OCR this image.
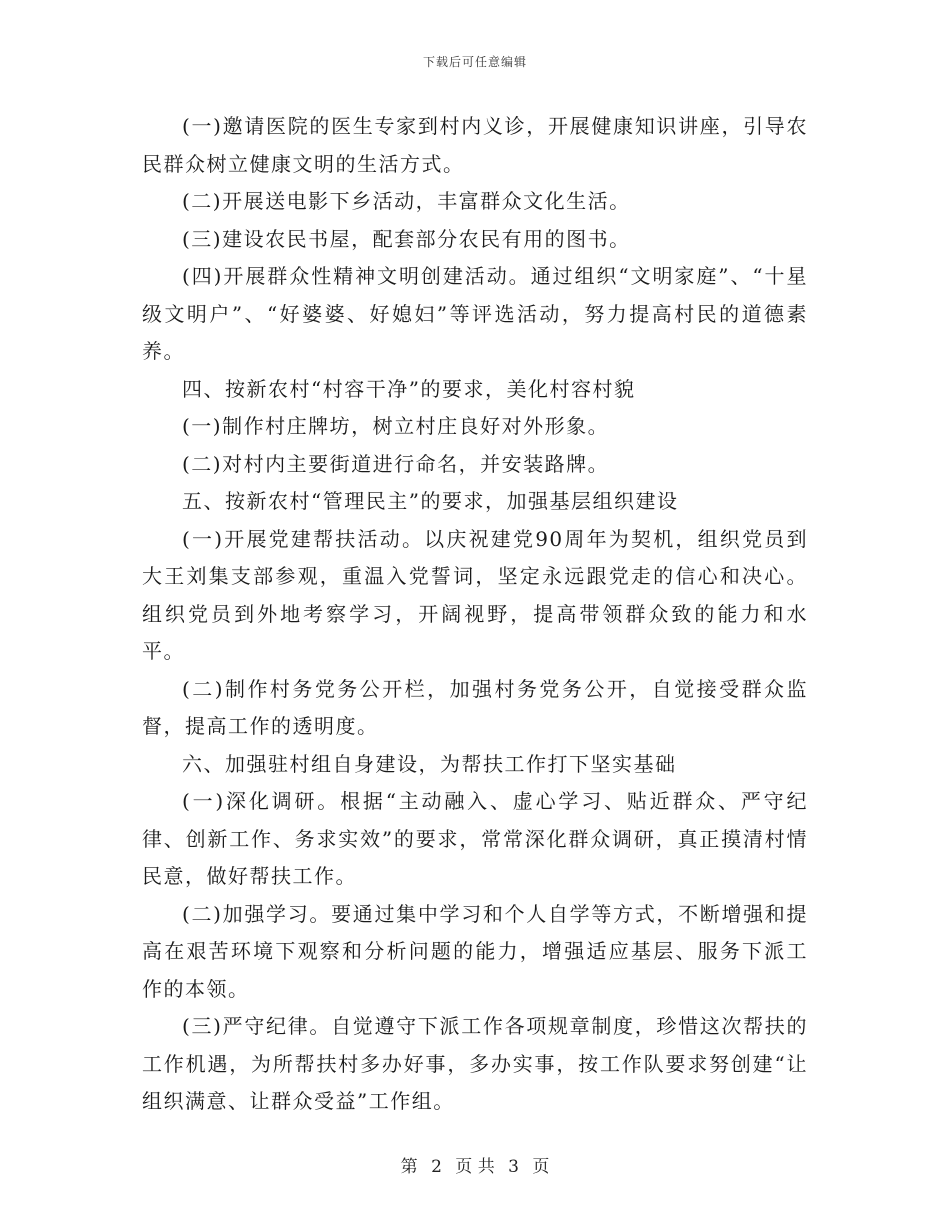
下载后可任意编辑

(一)邀请医院的医生专家到村内义诊，开展健康知识讲座，引导农民群众树立健康文明的生活方式。

(二)开展送电影下乡活动，丰富群众文化生活。

(三)建设农民书屋，配套部分农民有用的图书。

(四)开展群众性精神文明创建活动。通过组织“文明家庭”、“十星级文明户”、“好婆婆、好媳妇”等评选活动，努力提高村民的道德素养。

四、按新农村“村容干净”的要求，美化村容村貌

(一)制作村庄牌坊，树立村庄良好对外形象。

(二)对村内主要街道进行命名，并安装路牌。

五、按新农村“管理民主”的要求，加强基层组织建设

(一)开展党建帮扶活动。以庆祝建党90周年为契机，组织党员到大王刘集支部参观，重温入党誓词，坚定永远跟党走的信心和决心。组织党员到外地考察学习，开阔视野，提高带领群众致的能力和水平。

(二)制作村务党务公开栏，加强村务党务公开，自觉接受群众监督，提高工作的透明度。

六、加强驻村组自身建设，为帮扶工作打下坚实基础

(一)深化调研。根据“主动融入、虚心学习、贴近群众、严守纪律、创新工作、务求实效”的要求，常常深化群众调研，真正摸清村情民意，做好帮扶工作。

(二)加强学习。要通过集中学习和个人自学等方式，不断增强和提高在艰苦环境下观察和分析问题的能力，增强适应基层、服务下派工作的本领。

(三)严守纪律。自觉遵守下派工作各项规章制度，珍惜这次帮扶的工作机遇，为所帮扶村多办好事，多办实事，按工作队要求努创建“让组织满意、让群众受益”工作组。

第 2 页 共 3 页
